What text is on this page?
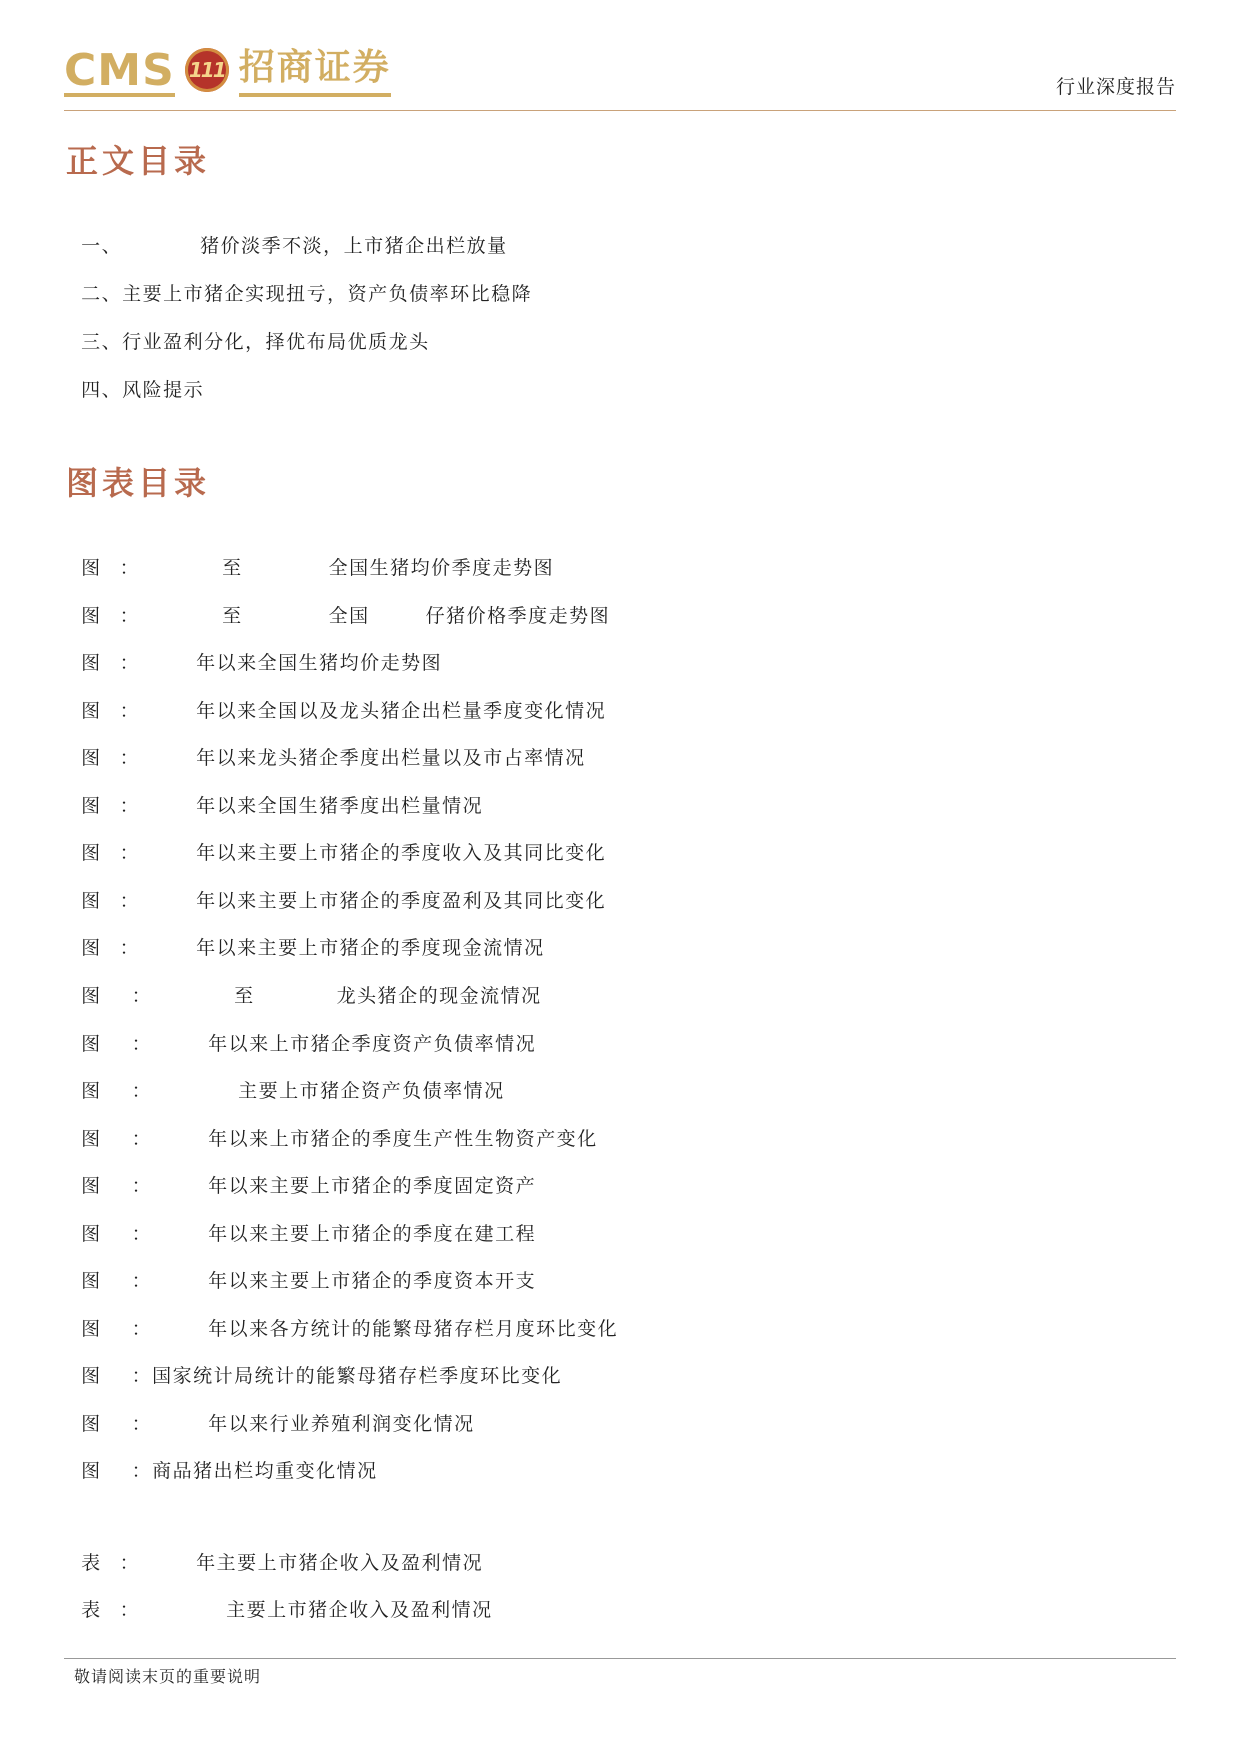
CMS 111 招商证券	行业深度报告
正文目录

一、	猪价淡季不淡，上市猪企出栏放量

二、主要上市猪企实现扭亏，资产负债率环比稳降

三、行业盈利分化，择优布局优质龙头

四、风险提示

图表目录

图 ：	至	全国生猪均价季度走势图

图 ：	至	全国	仔猪价格季度走势图

图 ：	年以来全国生猪均价走势图

图 ：	年以来全国以及龙头猪企出栏量季度变化情况

图 ：	年以来龙头猪企季度出栏量以及市占率情况

图 ：	年以来全国生猪季度出栏量情况

图 ：	年以来主要上市猪企的季度收入及其同比变化

图 ：	年以来主要上市猪企的季度盈利及其同比变化

图 ：	年以来主要上市猪企的季度现金流情况

图 ：	至	龙头猪企的现金流情况

图 ：	年以来上市猪企季度资产负债率情况

图 ：	主要上市猪企资产负债率情况

图 ：	年以来上市猪企的季度生产性生物资产变化

图 ：	年以来主要上市猪企的季度固定资产

图 ：	年以来主要上市猪企的季度在建工程

图 ：	年以来主要上市猪企的季度资本开支

图 ：	年以来各方统计的能繁母猪存栏月度环比变化

图 ：国家统计局统计的能繁母猪存栏季度环比变化

图 ：	年以来行业养殖利润变化情况

图 ：商品猪出栏均重变化情况

表 ：	年主要上市猪企收入及盈利情况

表 ：	主要上市猪企收入及盈利情况

敬请阅读末页的重要说明
